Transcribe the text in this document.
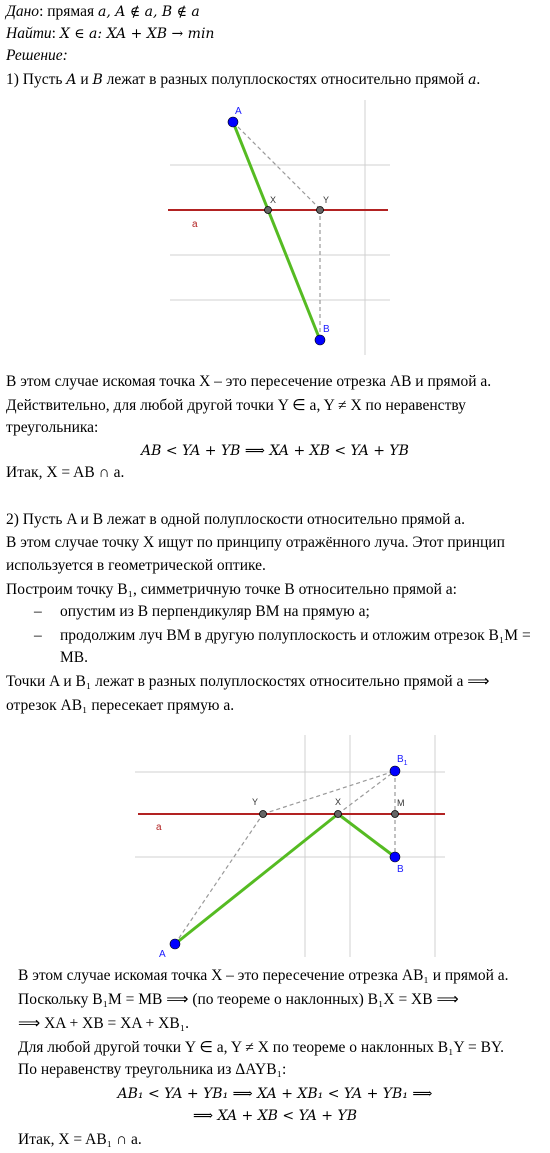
Дано: прямая a, A ∉ a, B ∉ a
Найти: X ∈ a: XA + XB → min
Решение:
1) Пусть A и B лежат в разных полуплоскостях относительно прямой a.
A
B
X	Y
a
В этом случае искомая точка X – это пересечение отрезка AB и прямой a.
Действительно, для любой другой точки Y ∈ a, Y ≠ X по неравенству
треугольника:
AB < YA + YB ⟹ XA + XB < YA + YB
Итак, X = AB ∩ a.
2) Пусть A и B лежат в одной полуплоскости относительно прямой a.
В этом случае точку X ищут по принципу отражённого луча. Этот принцип
используется в геометрической оптике.
Построим точку B₁, симметричную точке B относительно прямой a:
– опустим из B перпендикуляр BM на прямую a;
– продолжим луч BM в другую полуплоскость и отложим отрезок B₁M =
MB.
Точки A и B₁ лежат в разных полуплоскостях относительно прямой a ⟹
отрезок AB₁ пересекает прямую a.
A
B
$B_1$
Y	X	M
a
В этом случае искомая точка X – это пересечение отрезка AB₁ и прямой a.
Поскольку B₁M = MB ⟹ (по теореме о наклонных) B₁X = XB ⟹
⟹ XA + XB = XA + XB₁.
Для любой другой точки Y ∈ a, Y ≠ X по теореме о наклонных B₁Y = BY.
По неравенству треугольника из ΔAYB₁:
AB₁ < YA + YB₁ ⟹ XA + XB₁ < YA + YB₁ ⟹
⟹ XA + XB < YA + YB
Итак, X = AB₁ ∩ a.
